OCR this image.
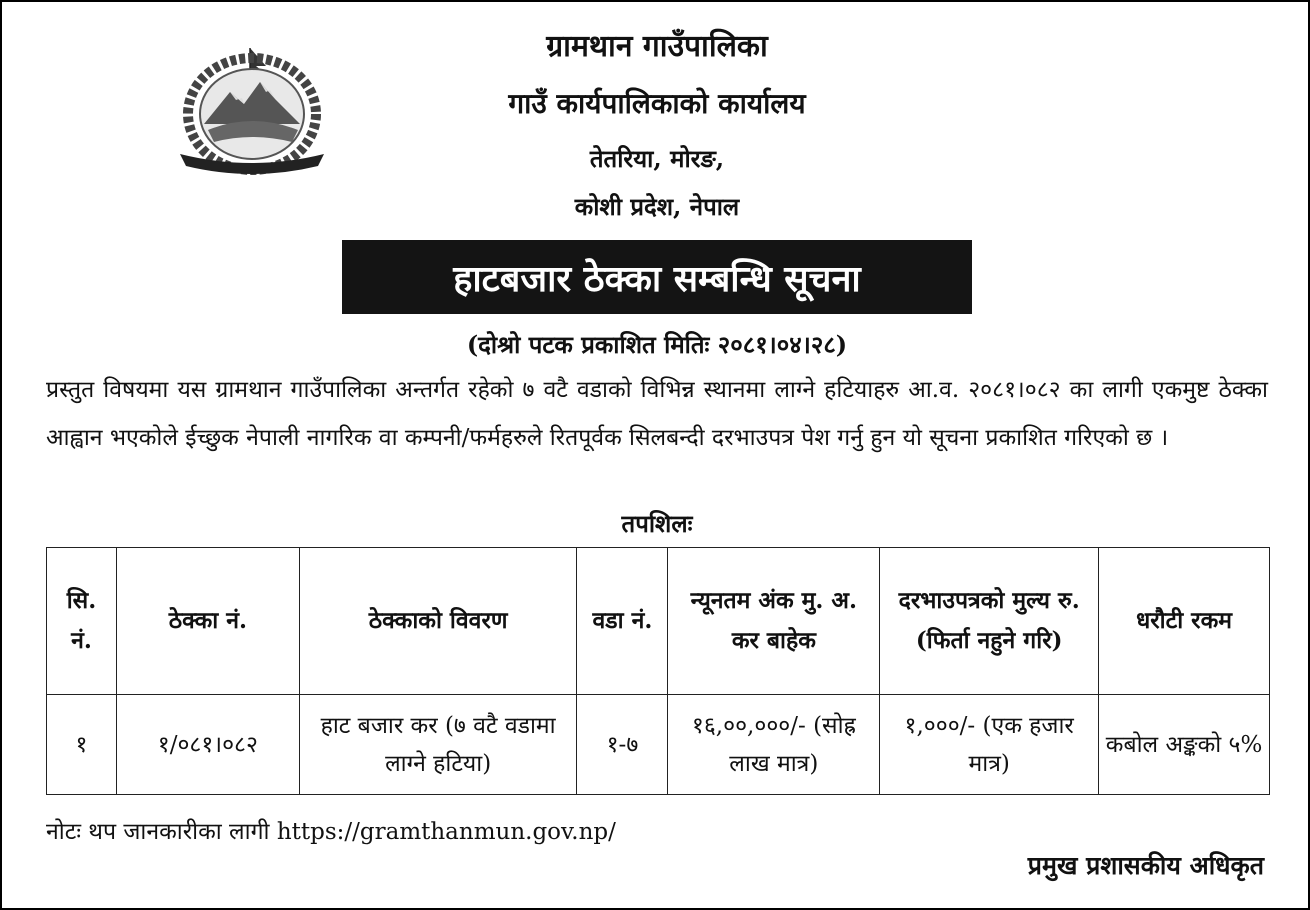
ग्रामथान गाउँपालिका
गाउँ कार्यपालिकाको कार्यालय
तेतरिया, मोरङ,
कोशी प्रदेश, नेपाल
हाटबजार ठेक्का सम्बन्धि सूचना
(दोश्रो पटक प्रकाशित मितिः २०८१।०४।२८)
प्रस्तुत विषयमा यस ग्रामथान गाउँपालिका अन्तर्गत रहेको ७ वटै वडाको विभिन्न स्थानमा लाग्ने हटियाहरु आ.व. २०८१।०८२ का लागी एकमुष्ट ठेक्का आह्वान भएकोले ईच्छुक नेपाली नागरिक वा कम्पनी/फर्महरुले रितपूर्वक सिलबन्दी दरभाउपत्र पेश गर्नु हुन यो सूचना प्रकाशित गरिएको छ ।
तपशिलः
सि. नं.	ठेक्का नं.	ठेक्काको विवरण	वडा नं.	न्यूनतम अंक मु. अ. कर बाहेक	दरभाउपत्रको मुल्य रु. (फिर्ता नहुने गरि)	धरौटी रकम
१	१/०८१।०८२	हाट बजार कर (७ वटै वडामा लाग्ने हटिया)	१-७	१६,००,०००/- (सोह्र लाख मात्र)	१,०००/- (एक हजार मात्र)	कबोल अङ्कको ५%
नोटः थप जानकारीका लागी https://gramthanmun.gov.np/
प्रमुख प्रशासकीय अधिकृत
